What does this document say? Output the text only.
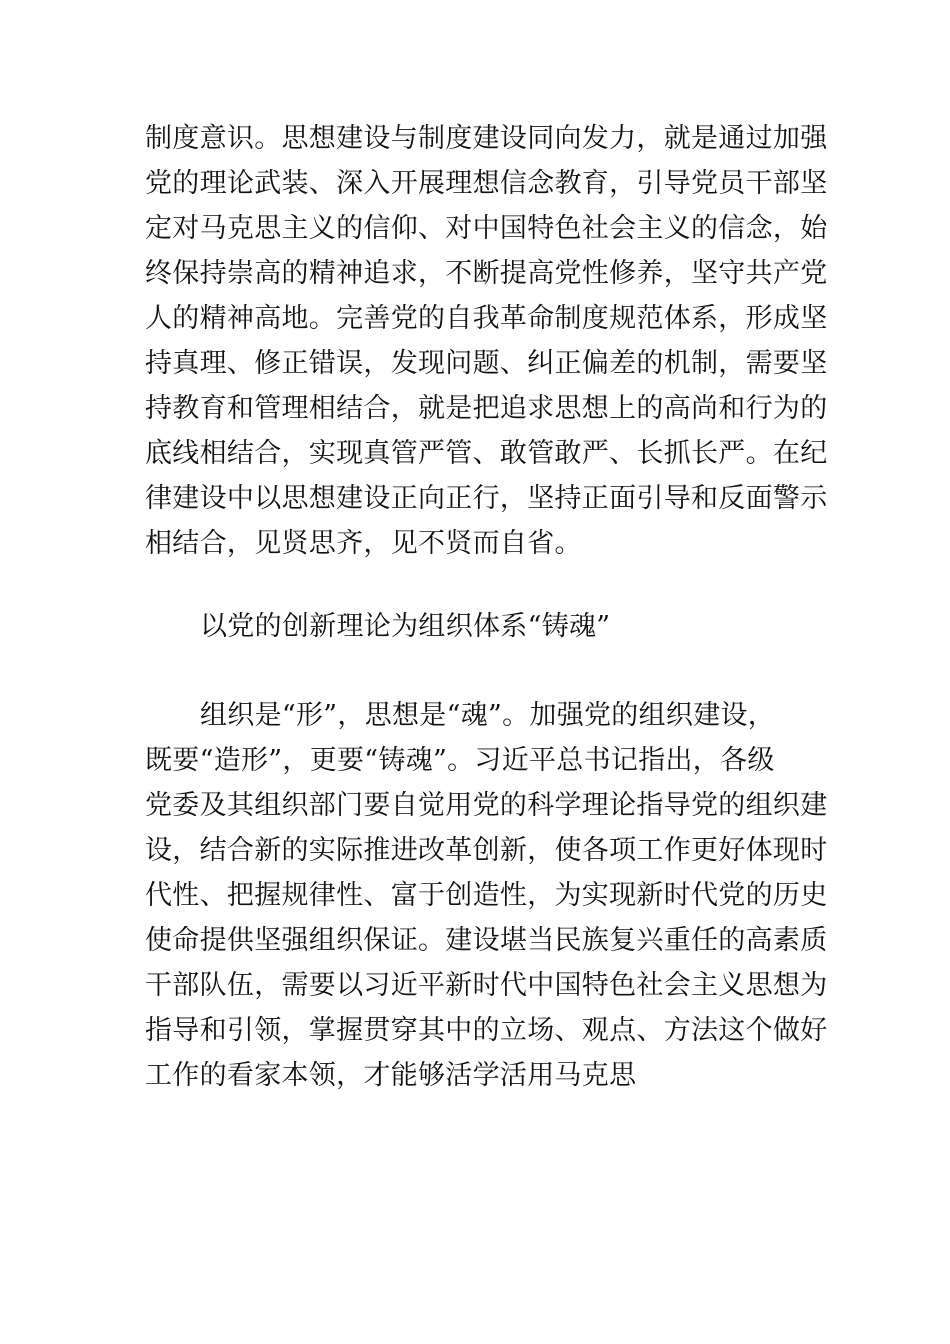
制度意识。思想建设与制度建设同向发力，就是通过加强
党的理论武装、深入开展理想信念教育，引导党员干部坚
定对马克思主义的信仰、对中国特色社会主义的信念，始
终保持崇高的精神追求，不断提高党性修养，坚守共产党
人的精神高地。完善党的自我革命制度规范体系，形成坚
持真理、修正错误，发现问题、纠正偏差的机制，需要坚
持教育和管理相结合，就是把追求思想上的高尚和行为的
底线相结合，实现真管严管、敢管敢严、长抓长严。在纪
律建设中以思想建设正向正行，坚持正面引导和反面警示
相结合，见贤思齐，见不贤而自省。
以党的创新理论为组织体系“铸魂”
组织是“形”，思想是“魂”。加强党的组织建设，
既要“造形”，更要“铸魂”。习近平总书记指出，各级
党委及其组织部门要自觉用党的科学理论指导党的组织建
设，结合新的实际推进改革创新，使各项工作更好体现时
代性、把握规律性、富于创造性，为实现新时代党的历史
使命提供坚强组织保证。建设堪当民族复兴重任的高素质
干部队伍，需要以习近平新时代中国特色社会主义思想为
指导和引领，掌握贯穿其中的立场、观点、方法这个做好
工作的看家本领，才能够活学活用马克思
